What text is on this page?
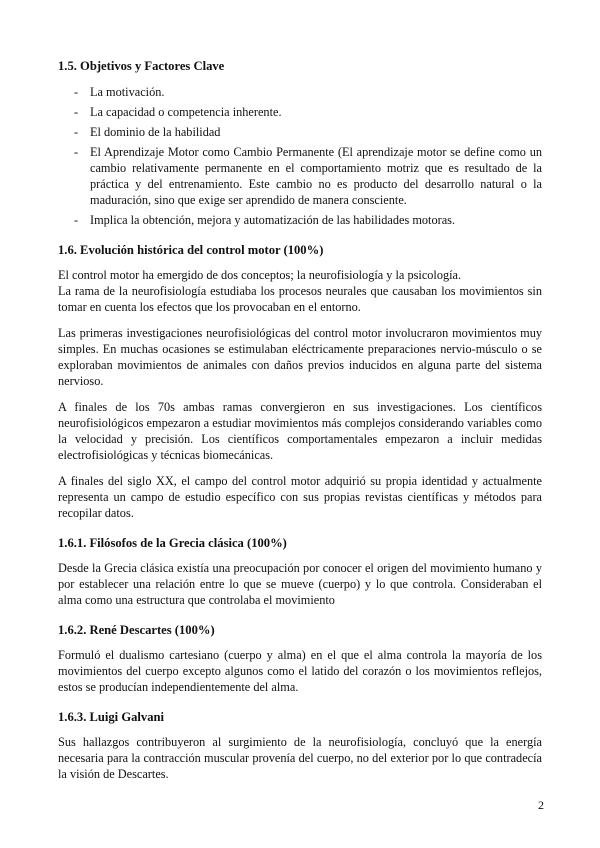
1.5. Objetivos y Factores Clave
- La motivación.
- La capacidad o competencia inherente.
- El dominio de la habilidad
- El Aprendizaje Motor como Cambio Permanente (El aprendizaje motor se define como un cambio relativamente permanente en el comportamiento motriz que es resultado de la práctica y del entrenamiento. Este cambio no es producto del desarrollo natural o la maduración, sino que exige ser aprendido de manera consciente.
- Implica la obtención, mejora y automatización de las habilidades motoras.
1.6. Evolución histórica del control motor (100%)

El control motor ha emergido de dos conceptos; la neurofisiología y la psicología.

La rama de la neurofisiología estudiaba los procesos neurales que causaban los movimientos sin tomar en cuenta los efectos que los provocaban en el entorno.

Las primeras investigaciones neurofisiológicas del control motor involucraron movimientos muy simples. En muchas ocasiones se estimulaban eléctricamente preparaciones nervio-músculo o se exploraban movimientos de animales con daños previos inducidos en alguna parte del sistema nervioso.

A finales de los 70s ambas ramas convergieron en sus investigaciones. Los científicos neurofisiológicos empezaron a estudiar movimientos más complejos considerando variables como la velocidad y precisión. Los científicos comportamentales empezaron a incluir medidas electrofisiológicas y técnicas biomecánicas.

A finales del siglo XX, el campo del control motor adquirió su propia identidad y actualmente representa un campo de estudio específico con sus propias revistas científicas y métodos para recopilar datos.

1.6.1. Filósofos de la Grecia clásica (100%)

Desde la Grecia clásica existía una preocupación por conocer el origen del movimiento humano y por establecer una relación entre lo que se mueve (cuerpo) y lo que controla. Consideraban el alma como una estructura que controlaba el movimiento

1.6.2. René Descartes (100%)

Formuló el dualismo cartesiano (cuerpo y alma) en el que el alma controla la mayoría de los movimientos del cuerpo excepto algunos como el latido del corazón o los movimientos reflejos, estos se producían independientemente del alma.

1.6.3. Luigi Galvani

Sus hallazgos contribuyeron al surgimiento de la neurofisiología, concluyó que la energía necesaria para la contracción muscular provenía del cuerpo, no del exterior por lo que contradecía la visión de Descartes.

2
